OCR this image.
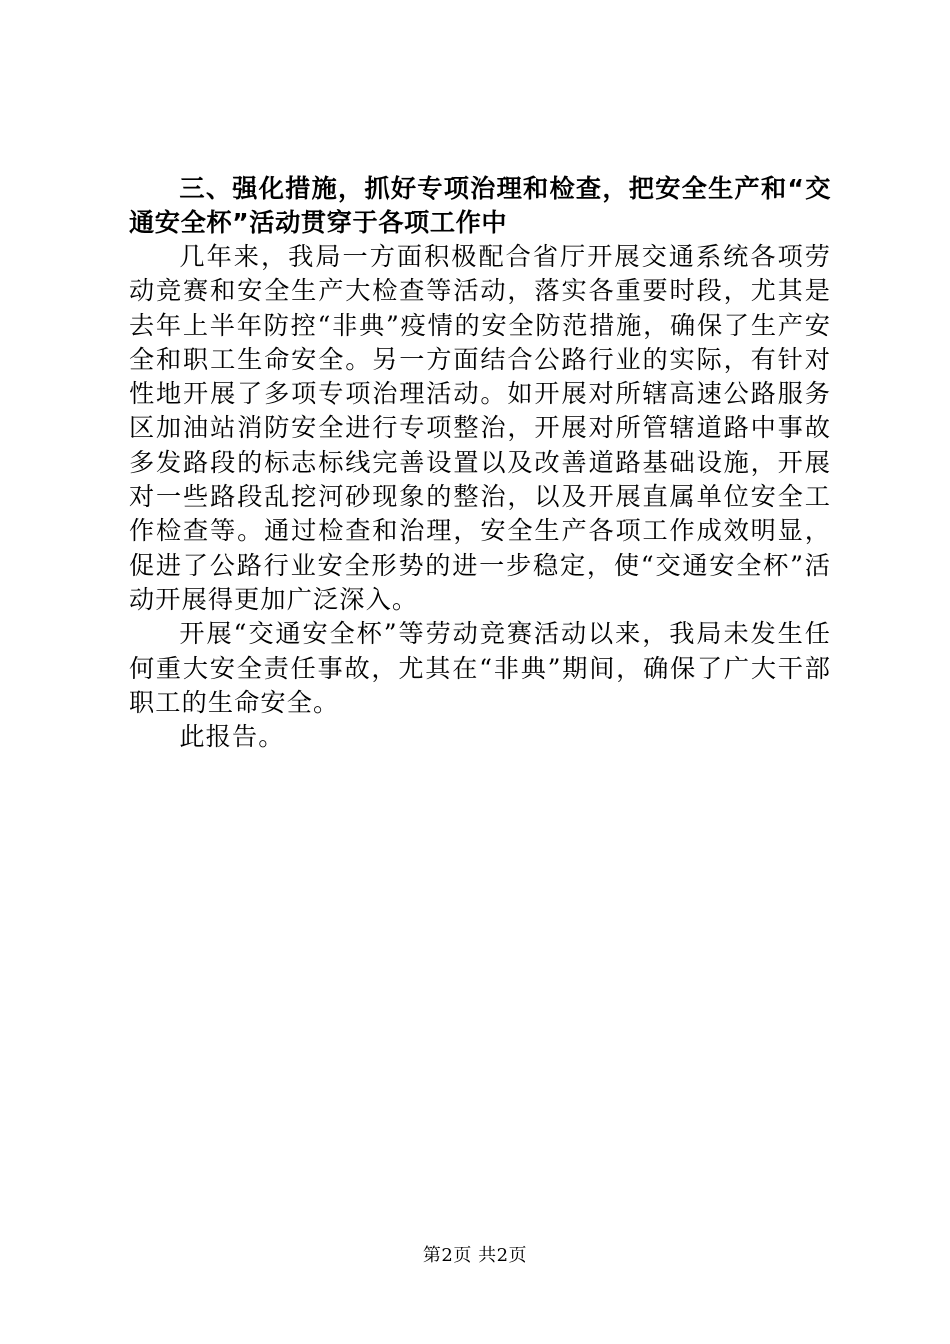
三、强化措施，抓好专项治理和检查，把安全生产和“交通安全杯”活动贯穿于各项工作中

几年来，我局一方面积极配合省厅开展交通系统各项劳动竞赛和安全生产大检查等活动，落实各重要时段，尤其是去年上半年防控“非典”疫情的安全防范措施，确保了生产安全和职工生命安全。另一方面结合公路行业的实际，有针对性地开展了多项专项治理活动。如开展对所辖高速公路服务区加油站消防安全进行专项整治，开展对所管辖道路中事故多发路段的标志标线完善设置以及改善道路基础设施，开展对一些路段乱挖河砂现象的整治，以及开展直属单位安全工作检查等。通过检查和治理，安全生产各项工作成效明显，促进了公路行业安全形势的进一步稳定，使“交通安全杯”活动开展得更加广泛深入。

开展“交通安全杯”等劳动竞赛活动以来，我局未发生任何重大安全责任事故，尤其在“非典”期间，确保了广大干部职工的生命安全。

此报告。

第2页 共2页
